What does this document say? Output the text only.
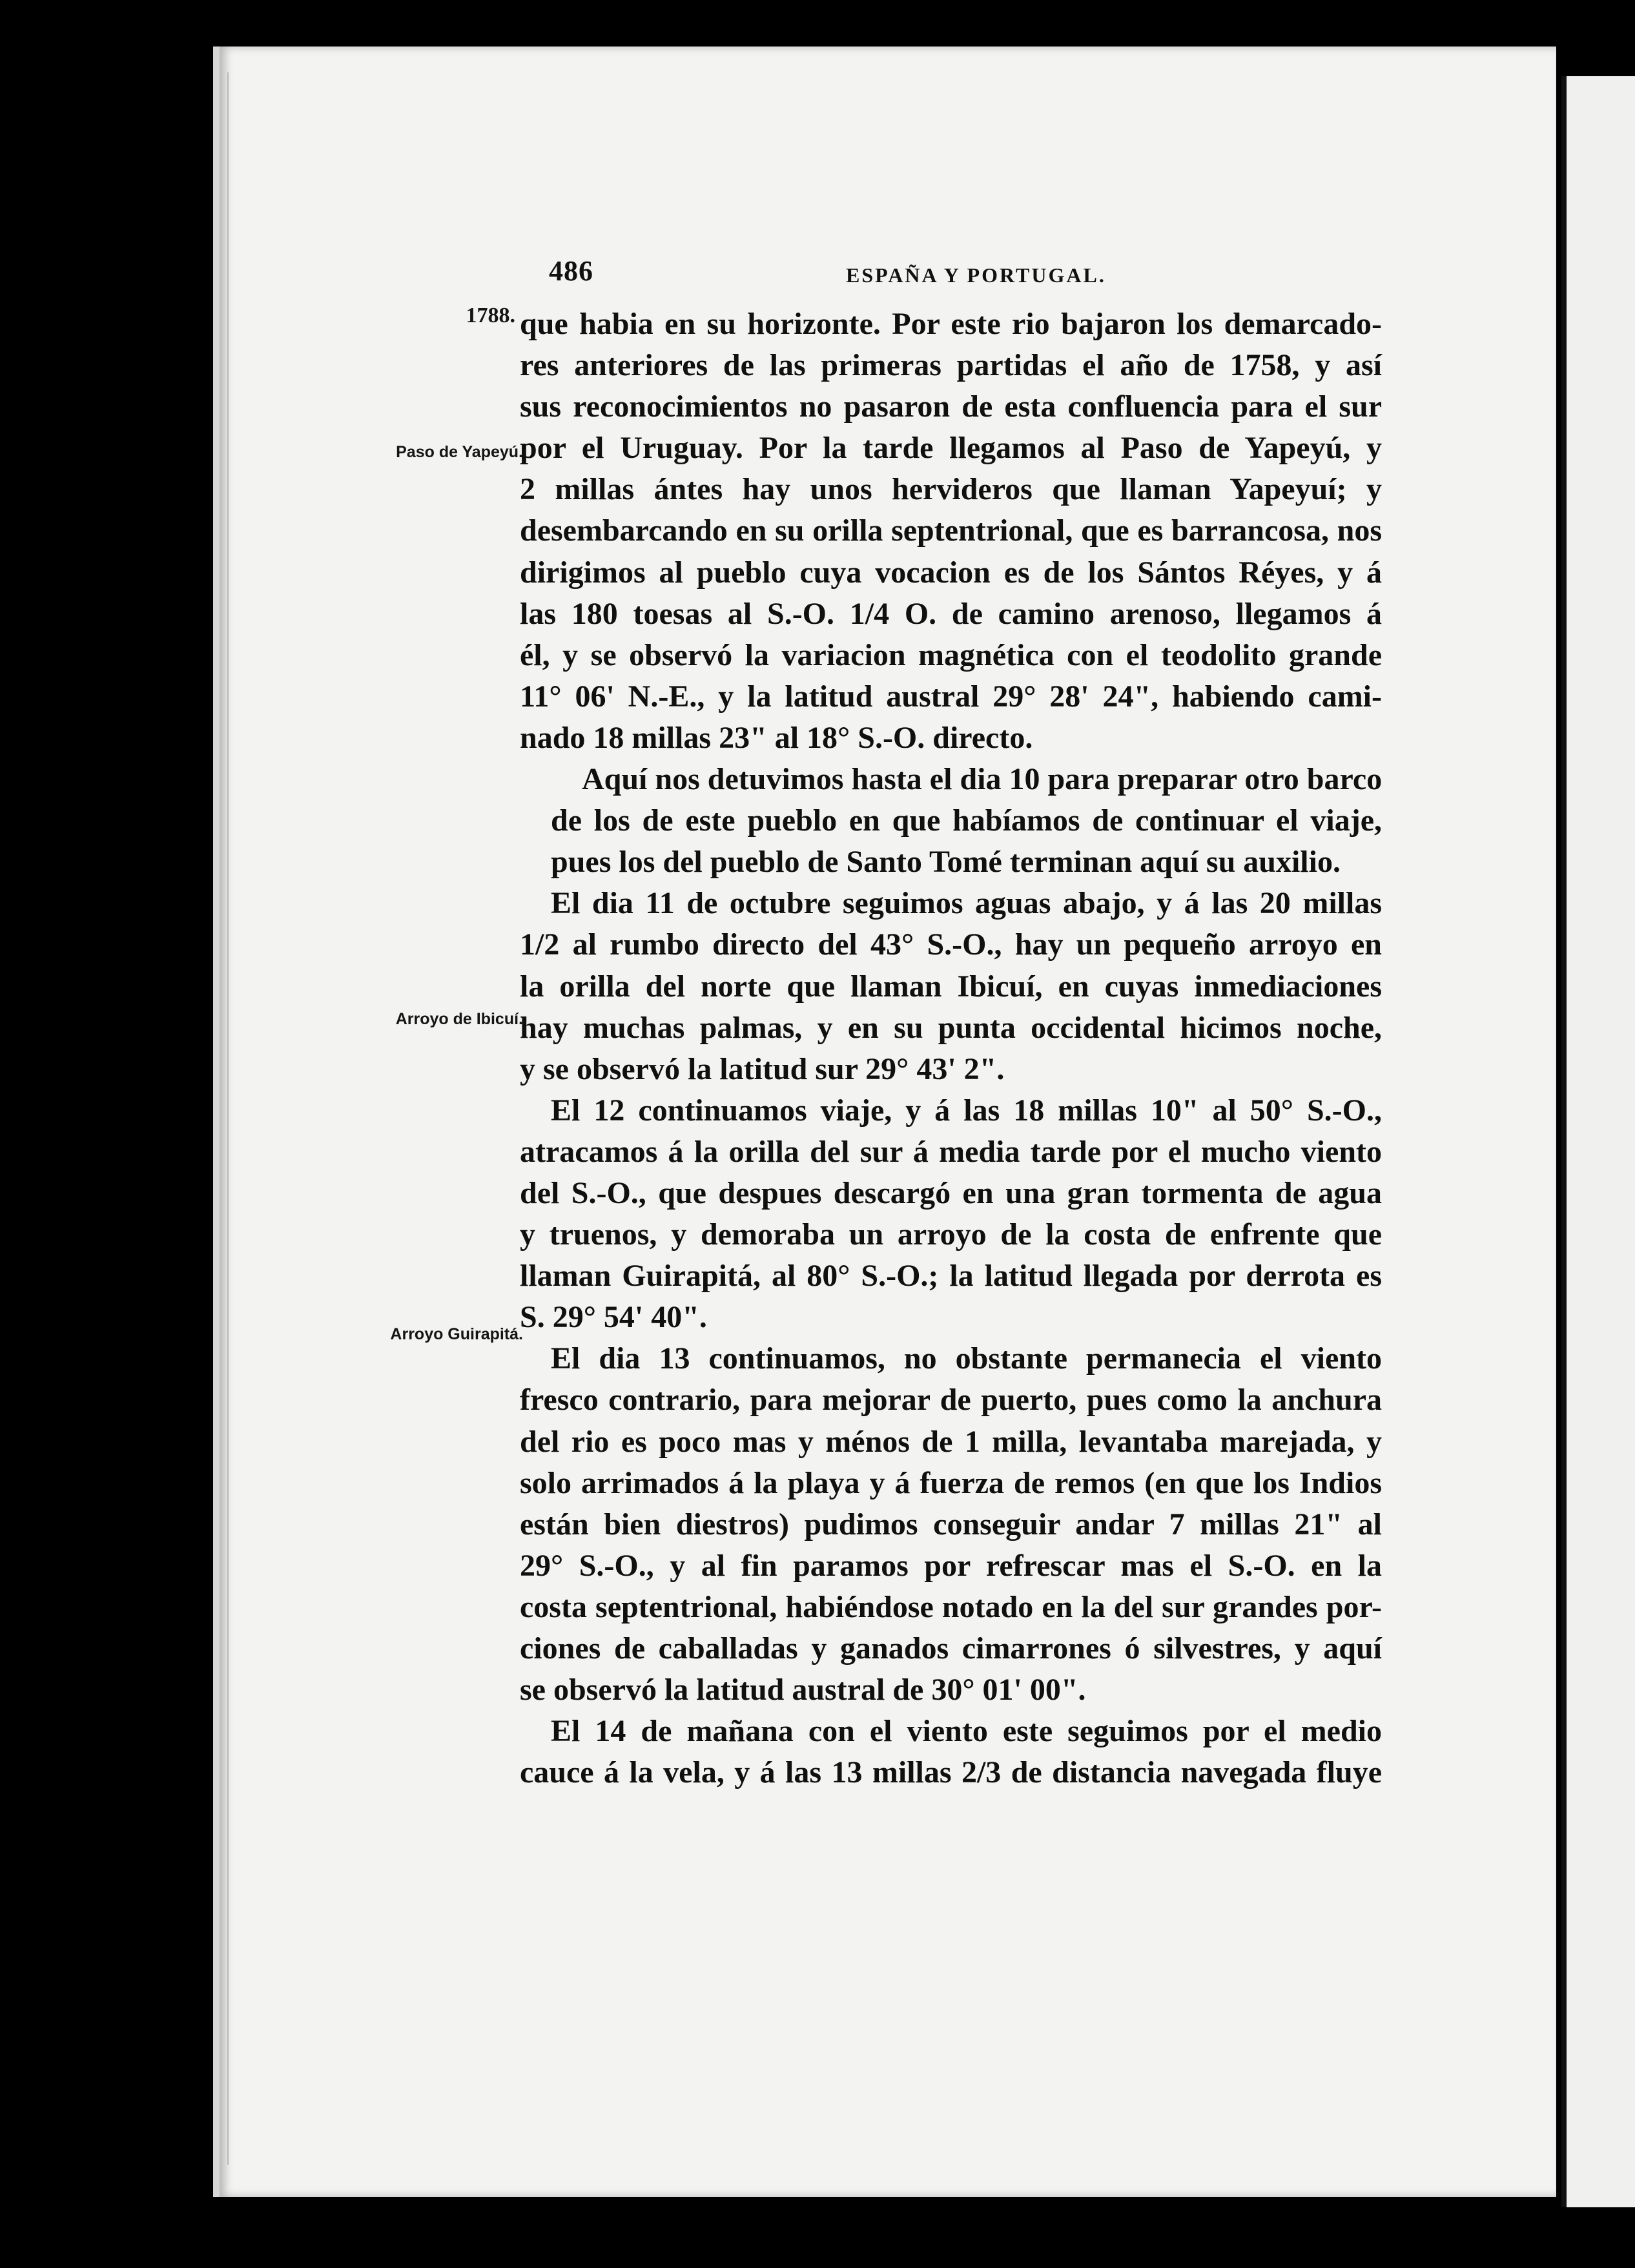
486	ESPAÑA Y PORTUGAL.
1788.
Paso de Yapeyú.
Arroyo de Ibicuí.
Arroyo Guirapitá.
que habia en su horizonte. Por este rio bajaron los demarcado-
res anteriores de las primeras partidas el año de 1758, y así
sus reconocimientos no pasaron de esta confluencia para el sur
por el Uruguay. Por la tarde llegamos al Paso de Yapeyú, y
2 millas ántes hay unos hervideros que llaman Yapeyuí; y
desembarcando en su orilla septentrional, que es barrancosa, nos
dirigimos al pueblo cuya vocacion es de los Sántos Réyes, y á
las 180 toesas al S.-O. 1/4 O. de camino arenoso, llegamos á
él, y se observó la variacion magnética con el teodolito grande
11° 06' N.-E., y la latitud austral 29° 28' 24", habiendo cami-
nado 18 millas 23" al 18° S.-O. directo.
Aquí nos detuvimos hasta el dia 10 para preparar otro barco
de los de este pueblo en que habíamos de continuar el viaje,
pues los del pueblo de Santo Tomé terminan aquí su auxilio.
El dia 11 de octubre seguimos aguas abajo, y á las 20 millas
1/2 al rumbo directo del 43° S.-O., hay un pequeño arroyo en
la orilla del norte que llaman Ibicuí, en cuyas inmediaciones
hay muchas palmas, y en su punta occidental hicimos noche,
y se observó la latitud sur 29° 43' 2".
El 12 continuamos viaje, y á las 18 millas 10" al 50° S.-O.,
atracamos á la orilla del sur á media tarde por el mucho viento
del S.-O., que despues descargó en una gran tormenta de agua
y truenos, y demoraba un arroyo de la costa de enfrente que
llaman Guirapitá, al 80° S.-O.; la latitud llegada por derrota es
S. 29° 54' 40".
El dia 13 continuamos, no obstante permanecia el viento
fresco contrario, para mejorar de puerto, pues como la anchura
del rio es poco mas y ménos de 1 milla, levantaba marejada, y
solo arrimados á la playa y á fuerza de remos (en que los Indios
están bien diestros) pudimos conseguir andar 7 millas 21" al
29° S.-O., y al fin paramos por refrescar mas el S.-O. en la
costa septentrional, habiéndose notado en la del sur grandes por-
ciones de caballadas y ganados cimarrones ó silvestres, y aquí
se observó la latitud austral de 30° 01' 00".
El 14 de mañana con el viento este seguimos por el medio
cauce á la vela, y á las 13 millas 2/3 de distancia navegada fluye
